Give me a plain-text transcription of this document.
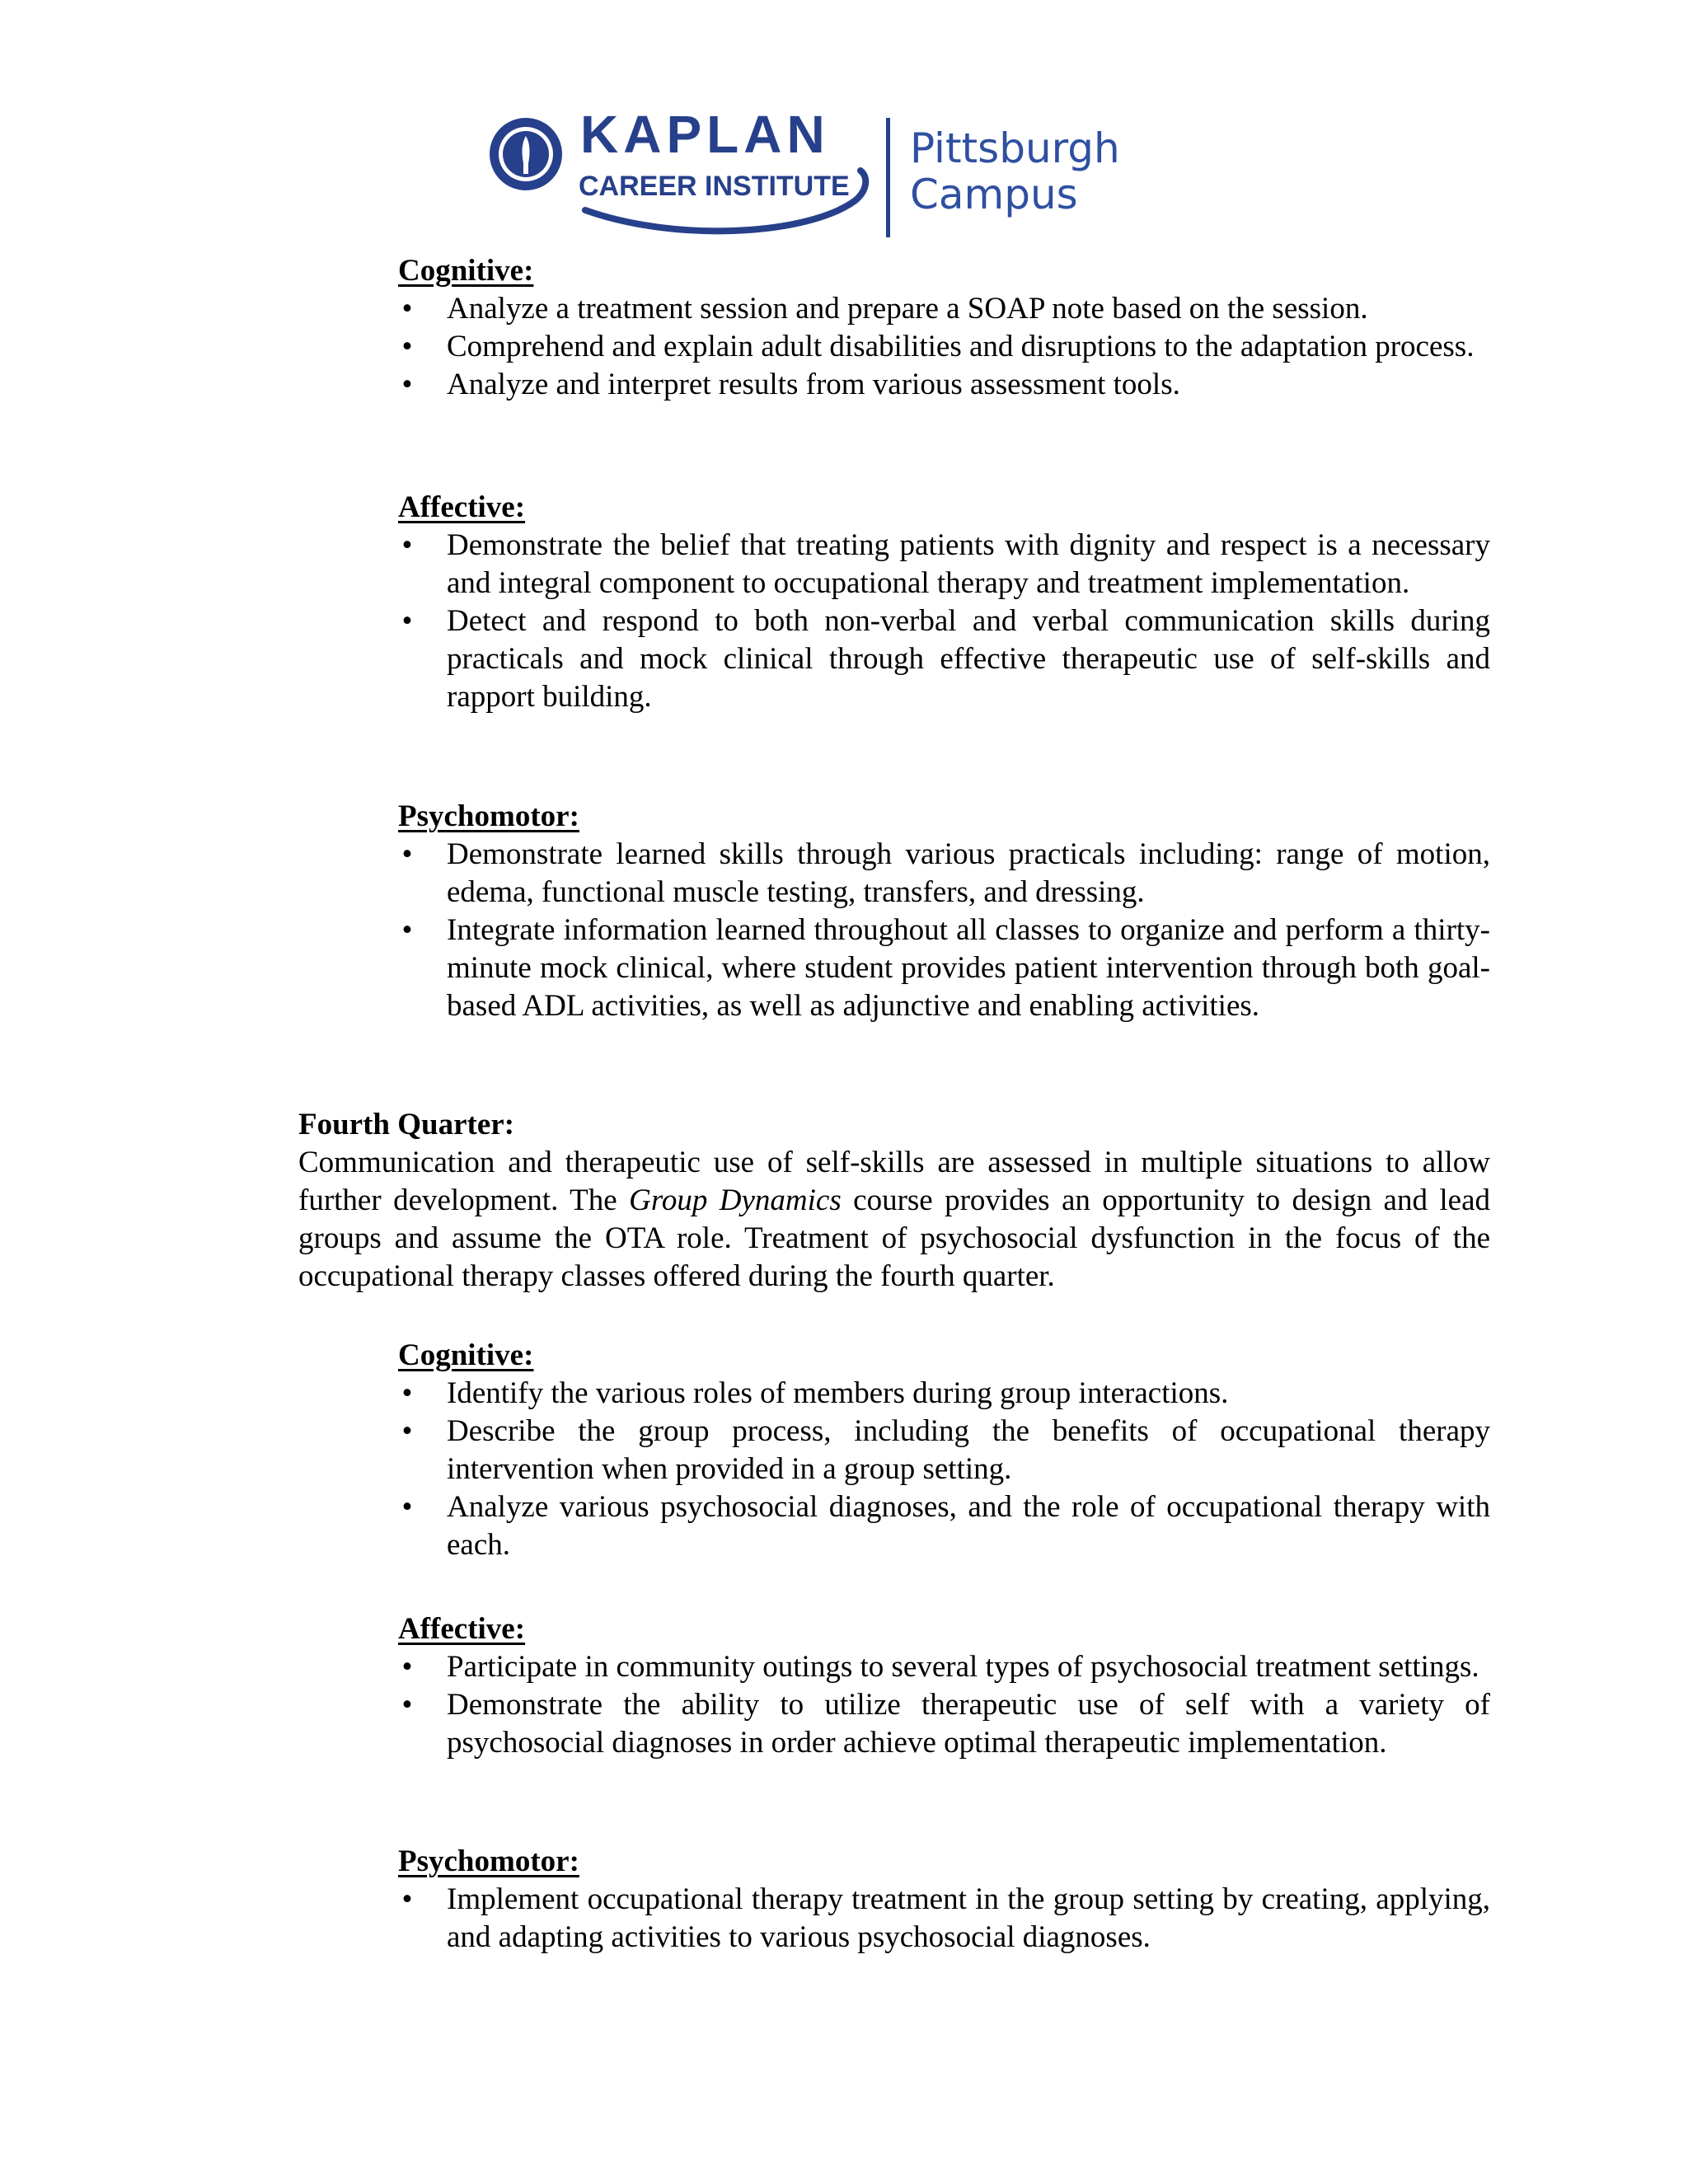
KAPLAN
CAREER INSTITUTE
Pittsburgh
Campus

Cognitive:

• Analyze a treatment session and prepare a SOAP note based on the session.
• Comprehend and explain adult disabilities and disruptions to the adaptation process.
• Analyze and interpret results from various assessment tools.

Affective:

• Demonstrate the belief that treating patients with dignity and respect is a necessary and integral component to occupational therapy and treatment implementation.
• Detect and respond to both non-verbal and verbal communication skills during practicals and mock clinical through effective therapeutic use of self-skills and rapport building.

Psychomotor:

• Demonstrate learned skills through various practicals including: range of motion, edema, functional muscle testing, transfers, and dressing.
• Integrate information learned throughout all classes to organize and perform a thirty-minute mock clinical, where student provides patient intervention through both goal-based ADL activities, as well as adjunctive and enabling activities.

Fourth Quarter:

Communication and therapeutic use of self-skills are assessed in multiple situations to allow further development. The Group Dynamics course provides an opportunity to design and lead groups and assume the OTA role. Treatment of psychosocial dysfunction in the focus of the occupational therapy classes offered during the fourth quarter.

Cognitive:

• Identify the various roles of members during group interactions.
• Describe the group process, including the benefits of occupational therapy intervention when provided in a group setting.
• Analyze various psychosocial diagnoses, and the role of occupational therapy with each.

Affective:

• Participate in community outings to several types of psychosocial treatment settings.
• Demonstrate the ability to utilize therapeutic use of self with a variety of psychosocial diagnoses in order achieve optimal therapeutic implementation.

Psychomotor:

• Implement occupational therapy treatment in the group setting by creating, applying, and adapting activities to various psychosocial diagnoses.
